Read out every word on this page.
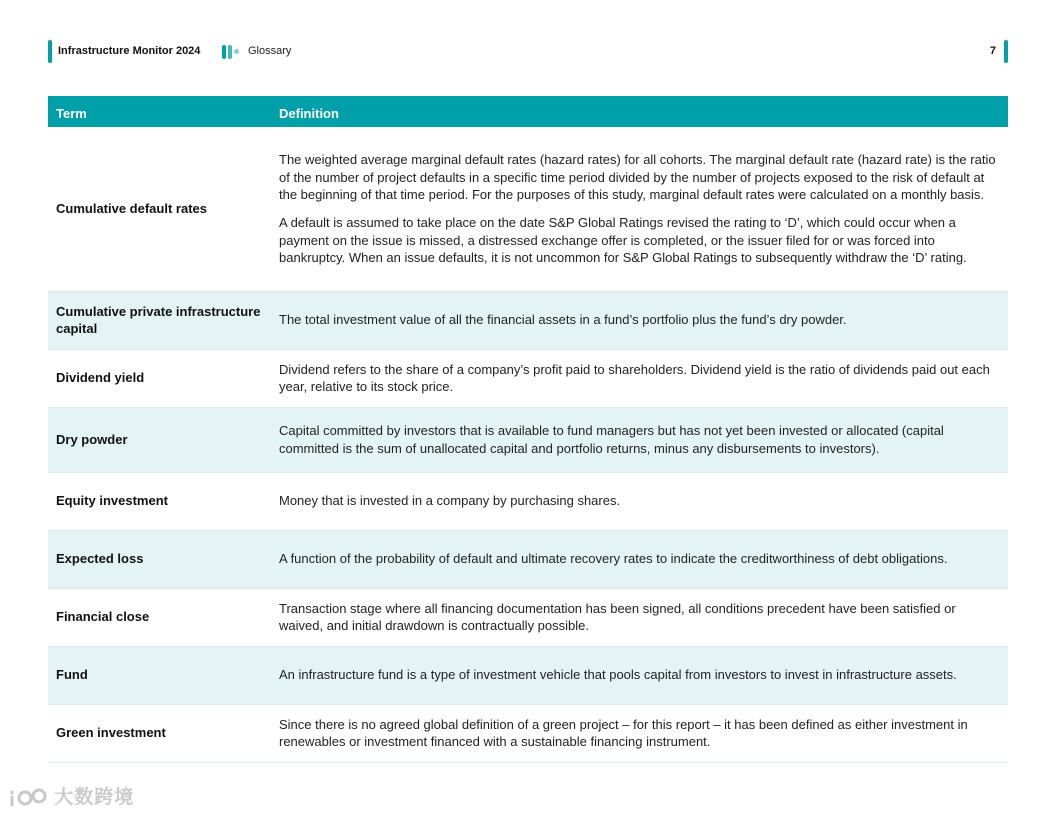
Infrastructure Monitor 2024	Glossary	7
Term	Definition
Cumulative default rates	The weighted average marginal default rates (hazard rates) for all cohorts. The marginal default rate (hazard rate) is the ratio of the number of project defaults in a specific time period divided by the number of projects exposed to the risk of default at the beginning of that time period. For the purposes of this study, marginal default rates were calculated on a monthly basis.

A default is assumed to take place on the date S&P Global Ratings revised the rating to ‘D’, which could occur when a payment on the issue is missed, a distressed exchange offer is completed, or the issuer filed for or was forced into bankruptcy. When an issue defaults, it is not uncommon for S&P Global Ratings to subsequently withdraw the ‘D’ rating.

Cumulative private infrastructure capital	The total investment value of all the financial assets in a fund’s portfolio plus the fund’s dry powder.
Dividend yield	Dividend refers to the share of a company’s profit paid to shareholders. Dividend yield is the ratio of dividends paid out each year, relative to its stock price.
Dry powder	Capital committed by investors that is available to fund managers but has not yet been invested or allocated (capital committed is the sum of unallocated capital and portfolio returns, minus any disbursements to investors).
Equity investment	Money that is invested in a company by purchasing shares.
Expected loss	A function of the probability of default and ultimate recovery rates to indicate the creditworthiness of debt obligations.
Financial close	Transaction stage where all financing documentation has been signed, all conditions precedent have been satisfied or waived, and initial drawdown is contractually possible.
Fund	An infrastructure fund is a type of investment vehicle that pools capital from investors to invest in infrastructure assets.
Green investment	Since there is no agreed global definition of a green project – for this report – it has been defined as either investment in renewables or investment financed with a sustainable financing instrument.
大数跨境
